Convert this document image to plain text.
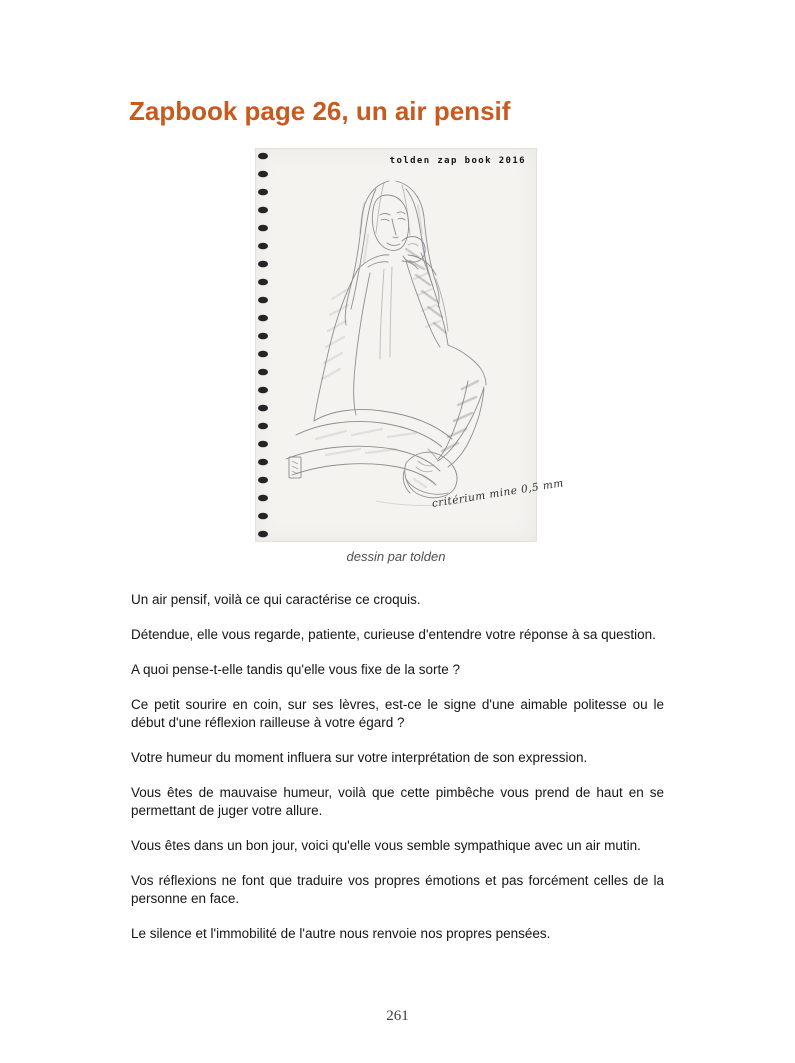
Zapbook page 26, un air pensif
tolden zap book 2016
critérium mine 0,5 mm
dessin par tolden

Un air pensif, voilà ce qui caractérise ce croquis.

Détendue, elle vous regarde, patiente, curieuse d'entendre votre réponse à sa question.

A quoi pense-t-elle tandis qu'elle vous fixe de la sorte ?

Ce petit sourire en coin, sur ses lèvres, est-ce le signe d'une aimable politesse ou le début d'une réflexion railleuse à votre égard ?

Votre humeur du moment influera sur votre interprétation de son expression.

Vous êtes de mauvaise humeur, voilà que cette pimbêche vous prend de haut en se permettant de juger votre allure.

Vous êtes dans un bon jour, voici qu'elle vous semble sympathique avec un air mutin.

Vos réflexions ne font que traduire vos propres émotions et pas forcément celles de la personne en face.

Le silence et l'immobilité de l'autre nous renvoie nos propres pensées.

261
